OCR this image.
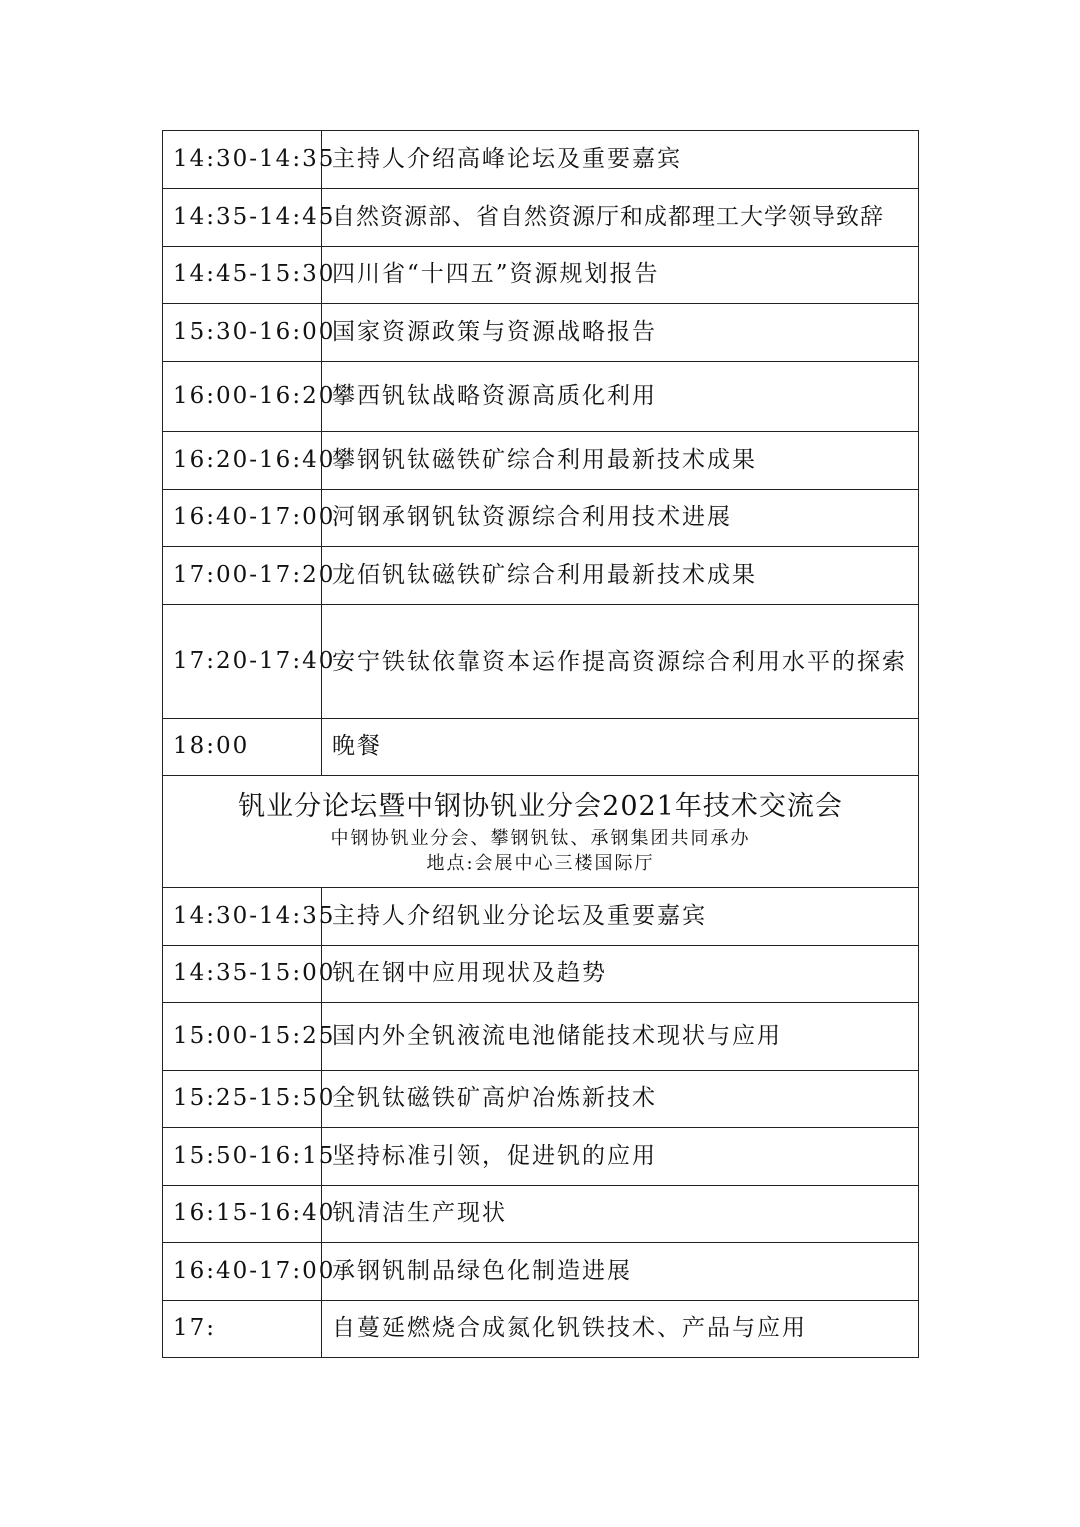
14:30-14:35	主持人介绍高峰论坛及重要嘉宾
14:35-14:45	自然资源部、省自然资源厅和成都理工大学领导致辞
14:45-15:30	四川省“十四五”资源规划报告
15:30-16:00	国家资源政策与资源战略报告
16:00-16:20	攀西钒钛战略资源高质化利用
16:20-16:40	攀钢钒钛磁铁矿综合利用最新技术成果
16:40-17:00	河钢承钢钒钛资源综合利用技术进展
17:00-17:20	龙佰钒钛磁铁矿综合利用最新技术成果
17:20-17:40	安宁铁钛依靠资本运作提高资源综合利用水平的探索
18:00	晚餐

钒业分论坛暨中钢协钒业分会2021年技术交流会
中钢协钒业分会、攀钢钒钛、承钢集团共同承办
地点:会展中心三楼国际厅	

14:30-14:35	主持人介绍钒业分论坛及重要嘉宾
14:35-15:00	钒在钢中应用现状及趋势
15:00-15:25	国内外全钒液流电池储能技术现状与应用
15:25-15:50	全钒钛磁铁矿高炉冶炼新技术
15:50-16:15	坚持标准引领，促进钒的应用
16:15-16:40	钒清洁生产现状
16:40-17:00	承钢钒制品绿色化制造进展
17:	自蔓延燃烧合成氮化钒铁技术、产品与应用
